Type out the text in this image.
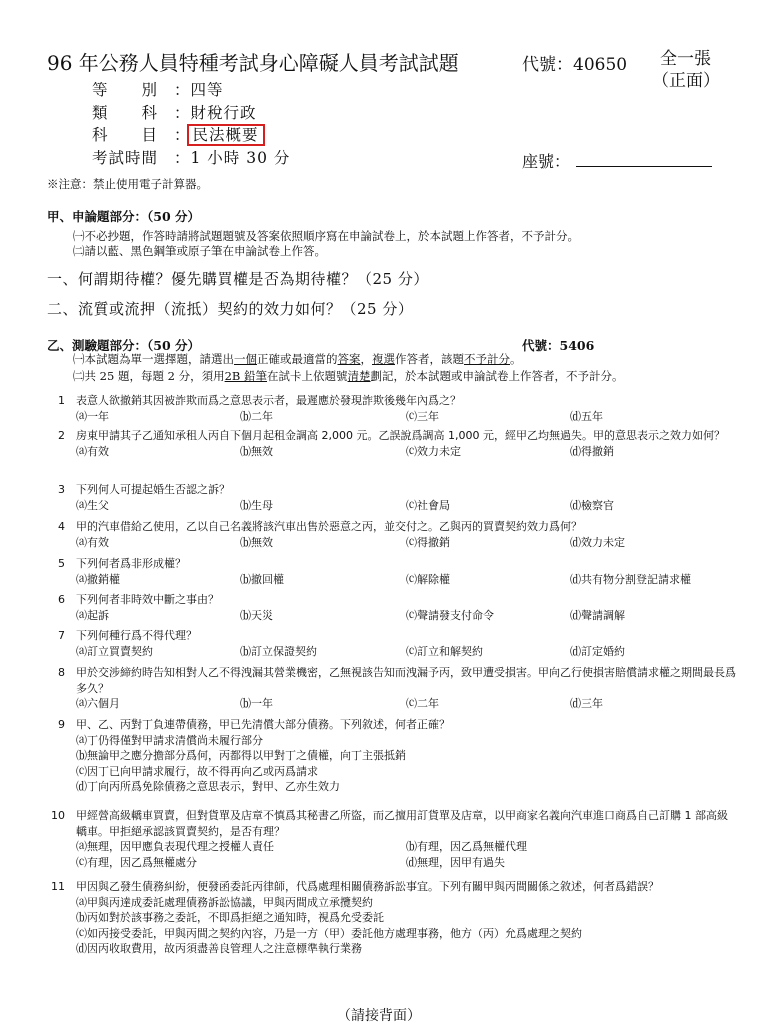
96 年公務人員特種考試身心障礙人員考試試題	代號：40650 全一張
（正面）
等　　別 ：四等
類　　科 ：財稅行政
科　　目 ： 民法概要
考試時間 ：1 小時 30 分	座號：
※注意：禁止使用電子計算器。
甲、申論題部分：（50 分）
㈠不必抄題，作答時請將試題題號及答案依照順序寫在申論試卷上，於本試題上作答者，不予計分。
㈡請以藍、黑色鋼筆或原子筆在申論試卷上作答。
一、何謂期待權？優先購買權是否為期待權？（25 分）
二、流質或流押（流抵）契約的效力如何？（25 分）
乙、測驗題部分：（50 分）	代號：5406
㈠本試題為單一選擇題，請選出一個正確或最適當的答案，複選作答者，該題不予計分。
㈡共 25 題，每題 2 分，須用2B 鉛筆在試卡上依題號清楚劃記，於本試題或申論試卷上作答者，不予計分。
1 表意人欲撤銷其因被詐欺而爲之意思表示者，最遲應於發現詐欺後幾年內爲之？
⒜一年	⒝二年	⒞三年	⒟五年
2 房東甲請其子乙通知承租人丙自下個月起租金調高 2,000 元。乙誤說爲調高 1,000 元，經甲乙均無過失。甲的意思表示之效力如何？
⒜有效	⒝無效	⒞效力未定	⒟得撤銷
3 下列何人可提起婚生否認之訴？
⒜生父	⒝生母	⒞社會局	⒟檢察官
4 甲的汽車借給乙使用，乙以自己名義將該汽車出售於惡意之丙，並交付之。乙與丙的買賣契約效力爲何？
⒜有效	⒝無效	⒞得撤銷	⒟效力未定
5 下列何者爲非形成權？
⒜撤銷權	⒝撤回權	⒞解除權	⒟共有物分割登記請求權
6 下列何者非時效中斷之事由？
⒜起訴	⒝天災	⒞聲請發支付命令	⒟聲請調解
7 下列何種行爲不得代理？
⒜訂立買賣契約	⒝訂立保證契約	⒞訂立和解契約	⒟訂定婚約
8 甲於交涉締約時告知相對人乙不得洩漏其營業機密，乙無視該告知而洩漏予丙，致甲遭受損害。甲向乙行使損害賠償請求權之期間最長爲多久？
⒜六個月	⒝一年	⒞二年	⒟三年
9 甲、乙、丙對丁負連帶債務，甲已先清償大部分債務。下列敘述，何者正確？
⒜丁仍得僅對甲請求清償尚未履行部分
⒝無論甲之應分擔部分爲何，丙都得以甲對丁之債權，向丁主張抵銷
⒞因丁已向甲請求履行，故不得再向乙或丙爲請求
⒟丁向丙所爲免除債務之意思表示，對甲、乙亦生效力
10 甲經營高級轎車買賣，但對貨單及店章不慎爲其秘書乙所盜，而乙擅用訂貨單及店章，以甲商家名義向汽車進口商爲自己訂購 1 部高級轎車。甲拒絕承認該買賣契約，是否有理？
⒜無理，因甲應負表現代理之授權人責任	⒝有理，因乙爲無權代理
⒞有理，因乙爲無權處分	⒟無理，因甲有過失
11 甲因與乙發生債務糾紛，便發函委託丙律師，代爲處理相關債務訴訟事宜。下列有關甲與丙間關係之敘述，何者爲錯誤？
⒜甲與丙達成委託處理債務訴訟協議，甲與丙間成立承攬契約
⒝丙如對於該事務之委託，不即爲拒絕之通知時，視爲允受委託
⒞如丙接受委託，甲與丙間之契約內容，乃是一方（甲）委託他方處理事務，他方（丙）允爲處理之契約
⒟因丙收取費用，故丙須盡善良管理人之注意標準執行業務
（請接背面）
